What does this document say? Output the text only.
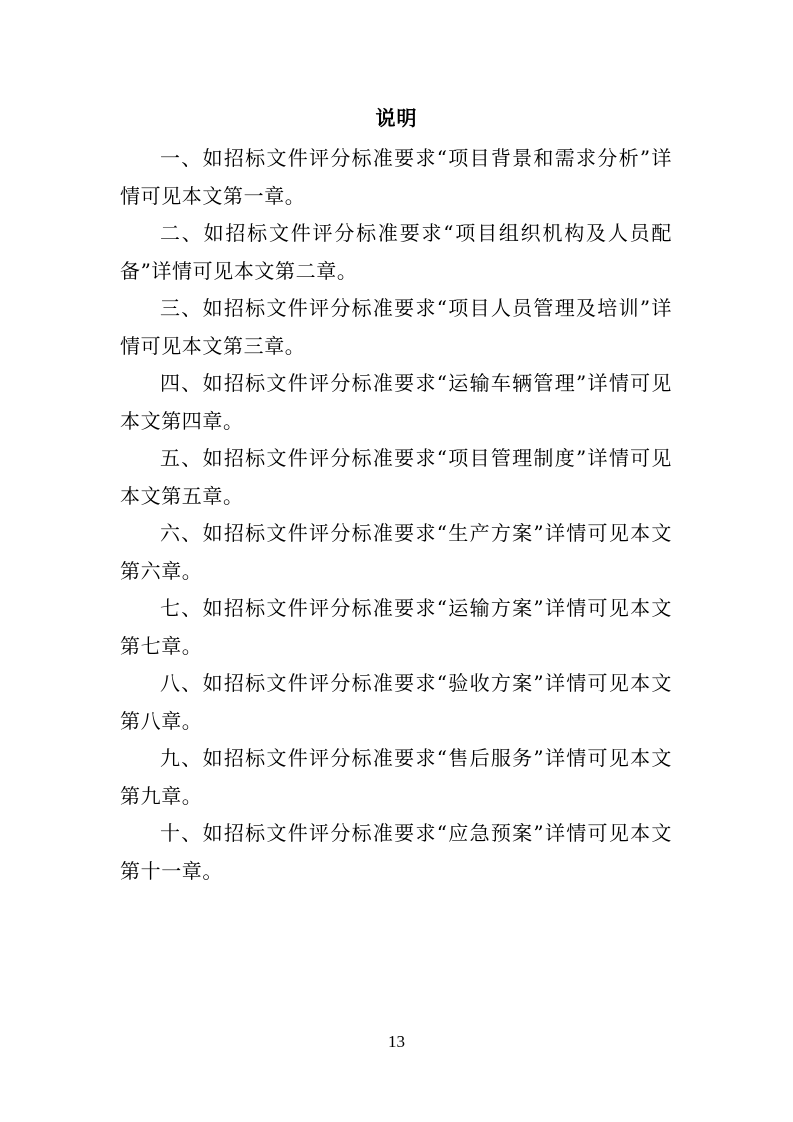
说明

一、如招标文件评分标准要求“项目背景和需求分析”详情可见本文第一章。

二、如招标文件评分标准要求“项目组织机构及人员配备”详情可见本文第二章。

三、如招标文件评分标准要求“项目人员管理及培训”详情可见本文第三章。

四、如招标文件评分标准要求“运输车辆管理”详情可见本文第四章。

五、如招标文件评分标准要求“项目管理制度”详情可见本文第五章。

六、如招标文件评分标准要求“生产方案”详情可见本文第六章。

七、如招标文件评分标准要求“运输方案”详情可见本文第七章。

八、如招标文件评分标准要求“验收方案”详情可见本文第八章。

九、如招标文件评分标准要求“售后服务”详情可见本文第九章。

十、如招标文件评分标准要求“应急预案”详情可见本文第十一章。

13
